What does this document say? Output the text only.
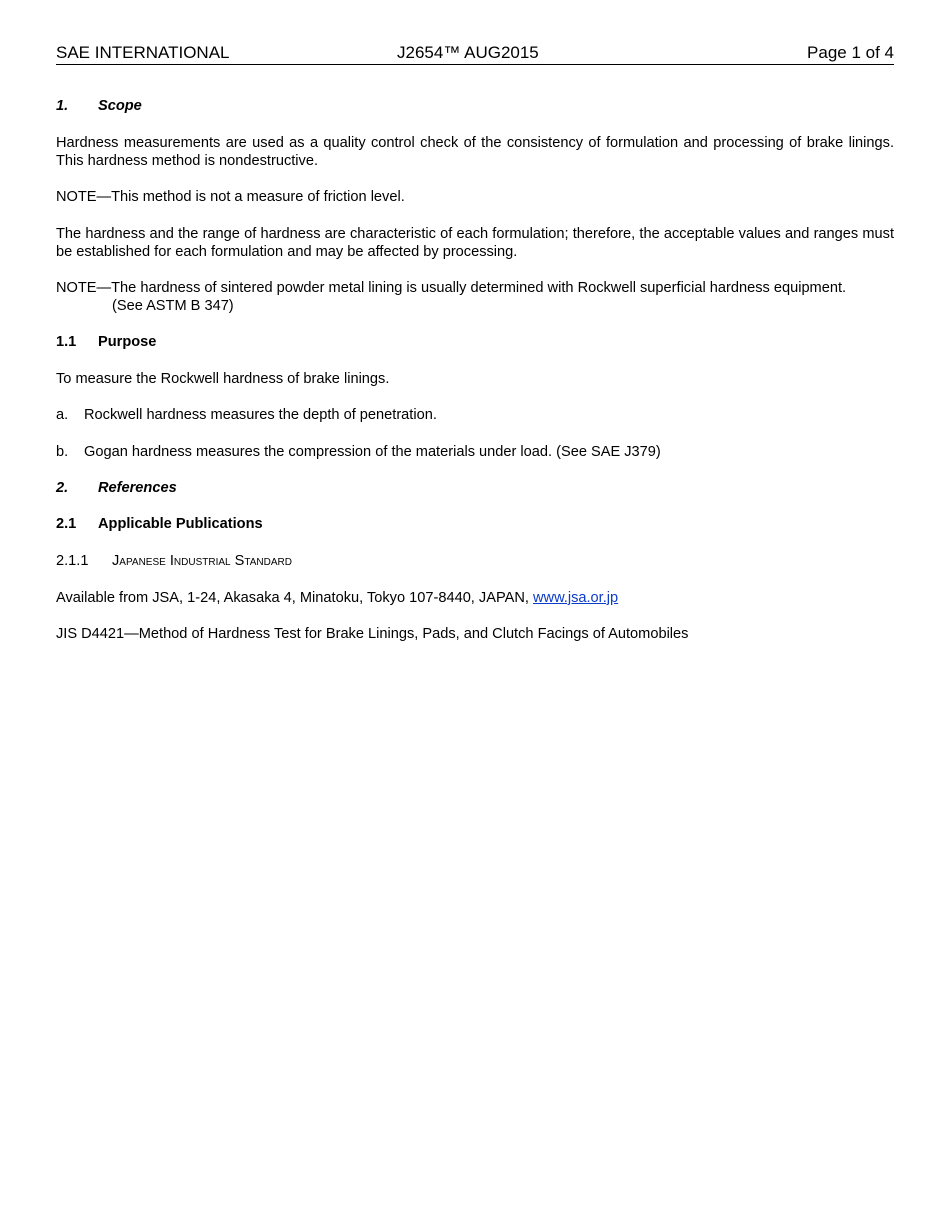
SAE INTERNATIONAL	J2654™ AUG2015	Page 1 of 4
1. Scope
Hardness measurements are used as a quality control check of the consistency of formulation and processing of brake linings. This hardness method is nondestructive.
NOTE—This method is not a measure of friction level.
The hardness and the range of hardness are characteristic of each formulation; therefore, the acceptable values and ranges must be established for each formulation and may be affected by processing.
NOTE—The hardness of sintered powder metal lining is usually determined with Rockwell superficial hardness equipment.
(See ASTM B 347)
1.1 Purpose
To measure the Rockwell hardness of brake linings.
a. Rockwell hardness measures the depth of penetration.
b. Gogan hardness measures the compression of the materials under load. (See SAE J379)
2. References
2.1 Applicable Publications
2.1.1 Japanese Industrial Standard
Available from JSA, 1-24, Akasaka 4, Minatoku, Tokyo 107-8440, JAPAN, www.jsa.or.jp
JIS D4421—Method of Hardness Test for Brake Linings, Pads, and Clutch Facings of Automobiles
